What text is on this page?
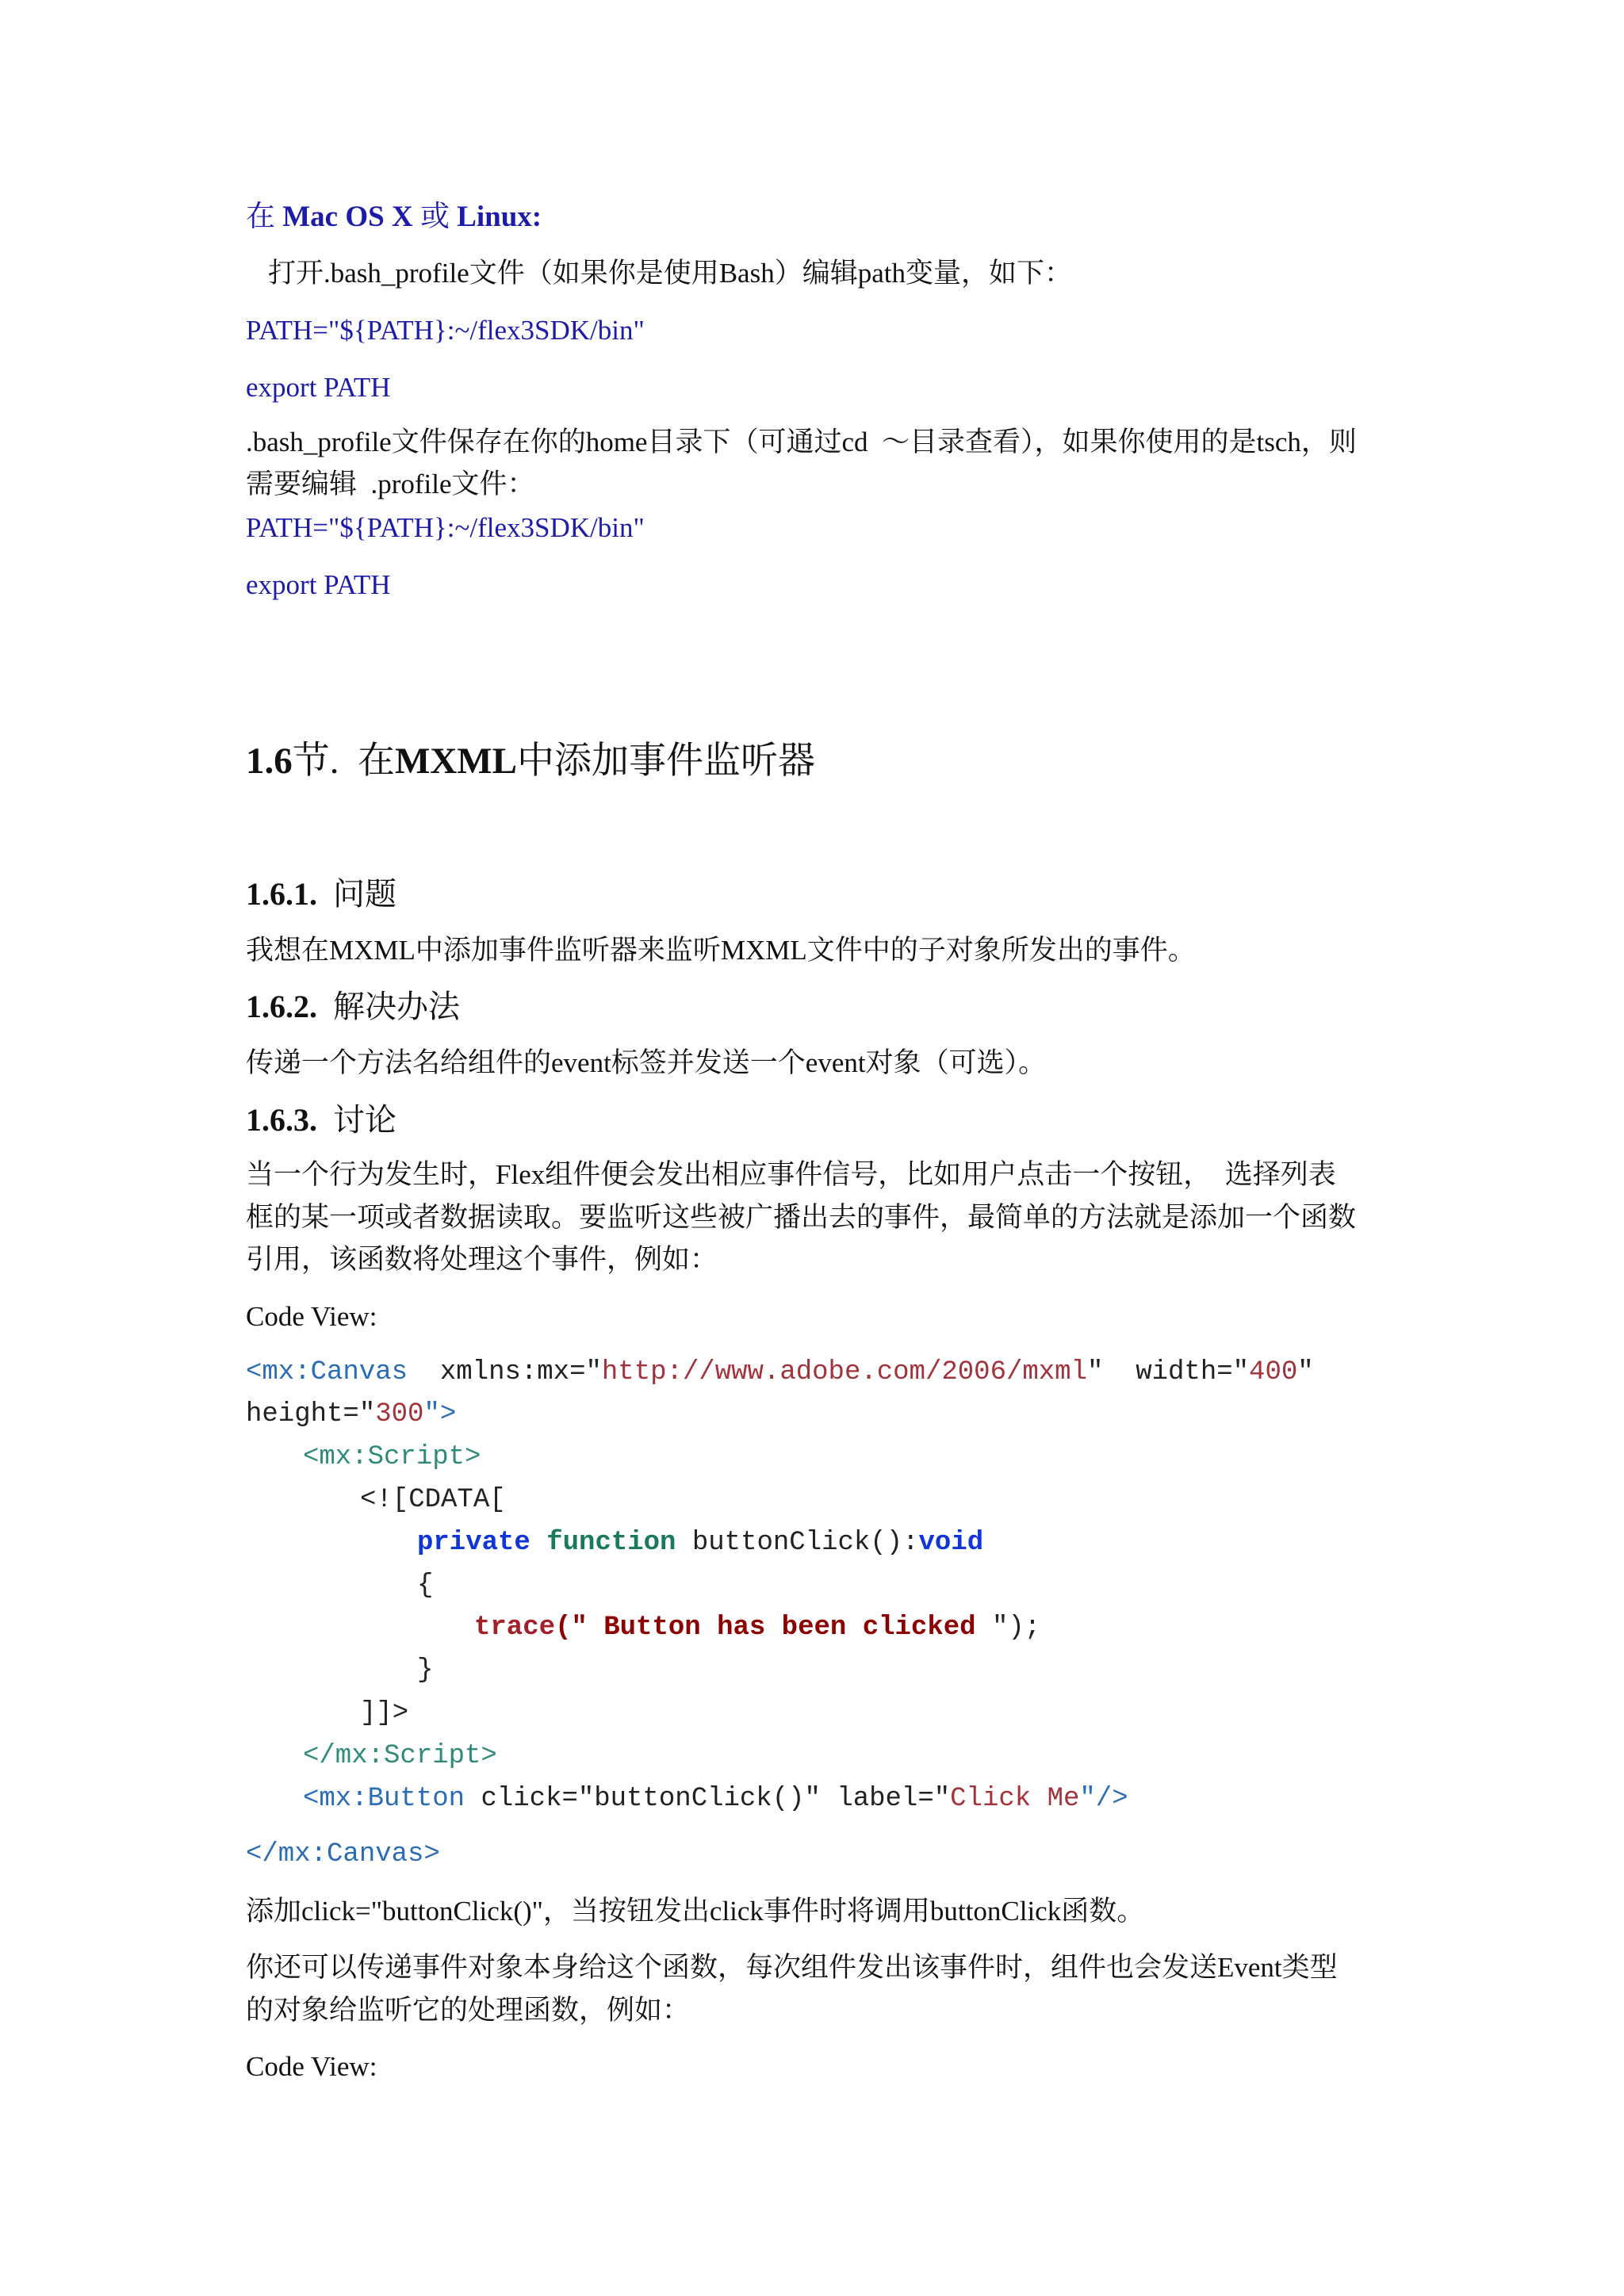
在 Mac OS X 或 Linux:
打开.bash_profile文件（如果你是使用Bash）编辑path变量，如下：
PATH="${PATH}:~/flex3SDK/bin"
export PATH
.bash_profile文件保存在你的home目录下（可通过cd  ～目录查看），如果你使用的是tsch，则
需要编辑  .profile文件：
PATH="${PATH}:~/flex3SDK/bin"
export PATH
1.6节.  在MXML中添加事件监听器
1.6.1. 问题
我想在MXML中添加事件监听器来监听MXML文件中的子对象所发出的事件。
1.6.2. 解决办法
传递一个方法名给组件的event标签并发送一个event对象（可选）。
1.6.3. 讨论
当一个行为发生时，Flex组件便会发出相应事件信号，比如用户点击一个按钮，  选择列表
框的某一项或者数据读取。要监听这些被广播出去的事件，最简单的方法就是添加一个函数
引用，该函数将处理这个事件，例如：
Code View:
<mx:Canvas  xmlns:mx="http://www.adobe.com/2006/mxml"  width="400"
height="300">
<mx:Script>
<![CDATA[
private function buttonClick():void
{
trace(" Button has been clicked ");
}
]]>
</mx:Script>
<mx:Button click="buttonClick()" label="Click Me"/>
</mx:Canvas>
添加click="buttonClick()"，当按钮发出click事件时将调用buttonClick函数。
你还可以传递事件对象本身给这个函数，每次组件发出该事件时，组件也会发送Event类型
的对象给监听它的处理函数，例如：
Code View:
